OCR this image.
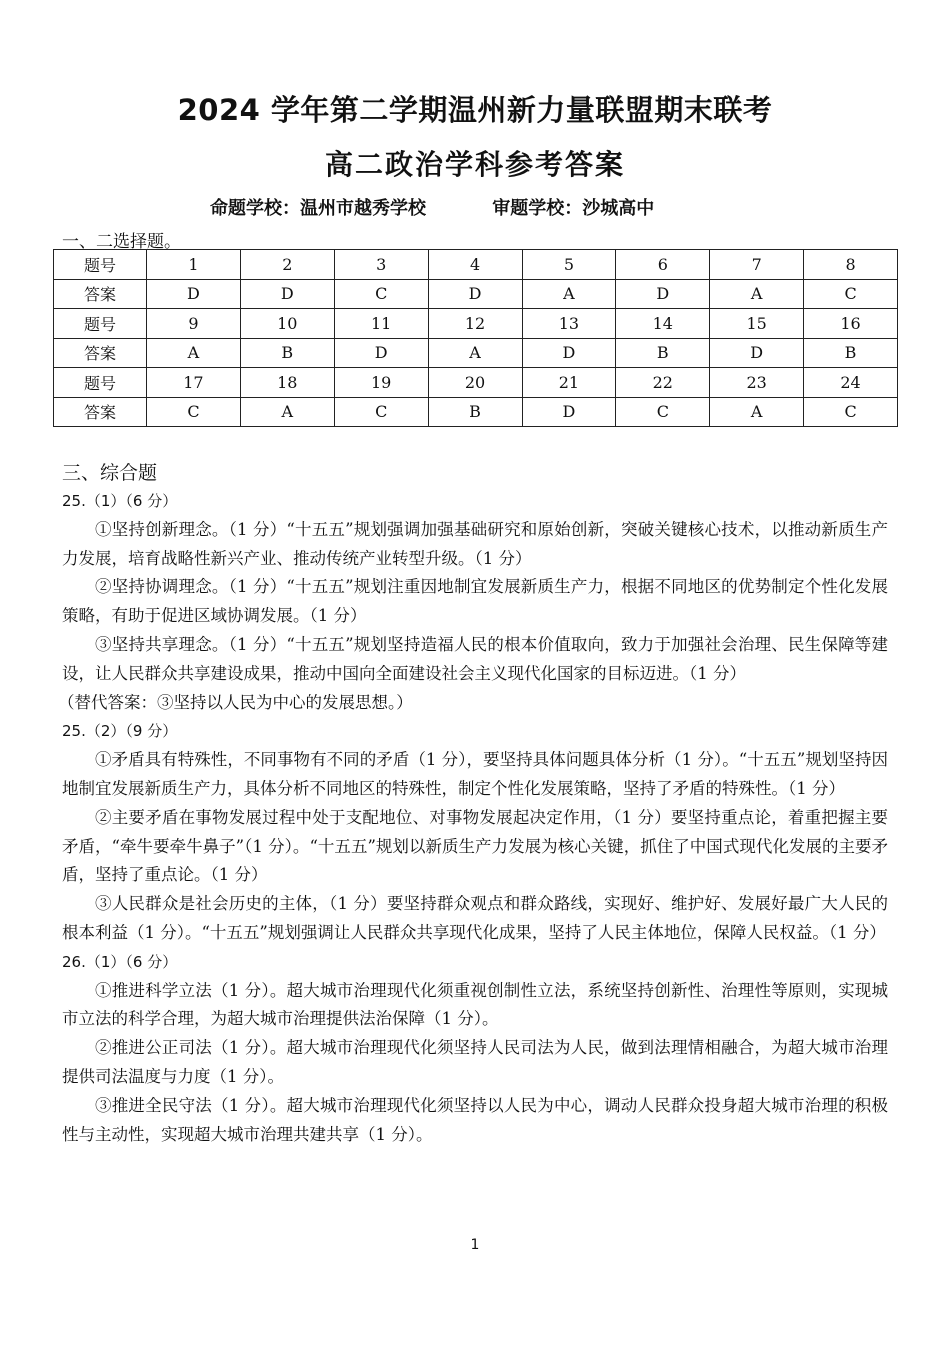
2024 学年第二学期温州新力量联盟期末联考
高二政治学科参考答案
命题学校：温州市越秀学校	审题学校：沙城高中
一、二选择题。
题号	1	2	3	4	5	6	7	8
答案	D	D	C	D	A	D	A	C
题号	9	10	11	12	13	14	15	16
答案	A	B	D	A	D	B	D	B
题号	17	18	19	20	21	22	23	24
答案	C	A	C	B	D	C	A	C
三、综合题

25.（1）（6 分）

①坚持创新理念。（1 分）“十五五”规划强调加强基础研究和原始创新，突破关键核心技术，以推动新质生产力发展，培育战略性新兴产业、推动传统产业转型升级。（1 分）

②坚持协调理念。（1 分）“十五五”规划注重因地制宜发展新质生产力，根据不同地区的优势制定个性化发展策略，有助于促进区域协调发展。（1 分）

③坚持共享理念。（1 分）“十五五”规划坚持造福人民的根本价值取向，致力于加强社会治理、民生保障等建设，让人民群众共享建设成果，推动中国向全面建设社会主义现代化国家的目标迈进。（1 分）

（替代答案：③坚持以人民为中心的发展思想。）

25.（2）（9 分）

①矛盾具有特殊性，不同事物有不同的矛盾（1 分），要坚持具体问题具体分析（1 分）。“十五五”规划坚持因地制宜发展新质生产力，具体分析不同地区的特殊性，制定个性化发展策略，坚持了矛盾的特殊性。（1 分）

②主要矛盾在事物发展过程中处于支配地位、对事物发展起决定作用，（1 分）要坚持重点论，着重把握主要矛盾，“牵牛要牵牛鼻子”（1 分）。“十五五”规划以新质生产力发展为核心关键，抓住了中国式现代化发展的主要矛盾，坚持了重点论。（1 分）

③人民群众是社会历史的主体，（1 分）要坚持群众观点和群众路线，实现好、维护好、发展好最广大人民的根本利益（1 分）。“十五五”规划强调让人民群众共享现代化成果，坚持了人民主体地位，保障人民权益。（1 分）

26.（1）（6 分）

①推进科学立法（1 分）。超大城市治理现代化须重视创制性立法，系统坚持创新性、治理性等原则，实现城市立法的科学合理，为超大城市治理提供法治保障（1 分）。

②推进公正司法（1 分）。超大城市治理现代化须坚持人民司法为人民，做到法理情相融合，为超大城市治理提供司法温度与力度（1 分）。

③推进全民守法（1 分）。超大城市治理现代化须坚持以人民为中心，调动人民群众投身超大城市治理的积极性与主动性，实现超大城市治理共建共享（1 分）。

1
